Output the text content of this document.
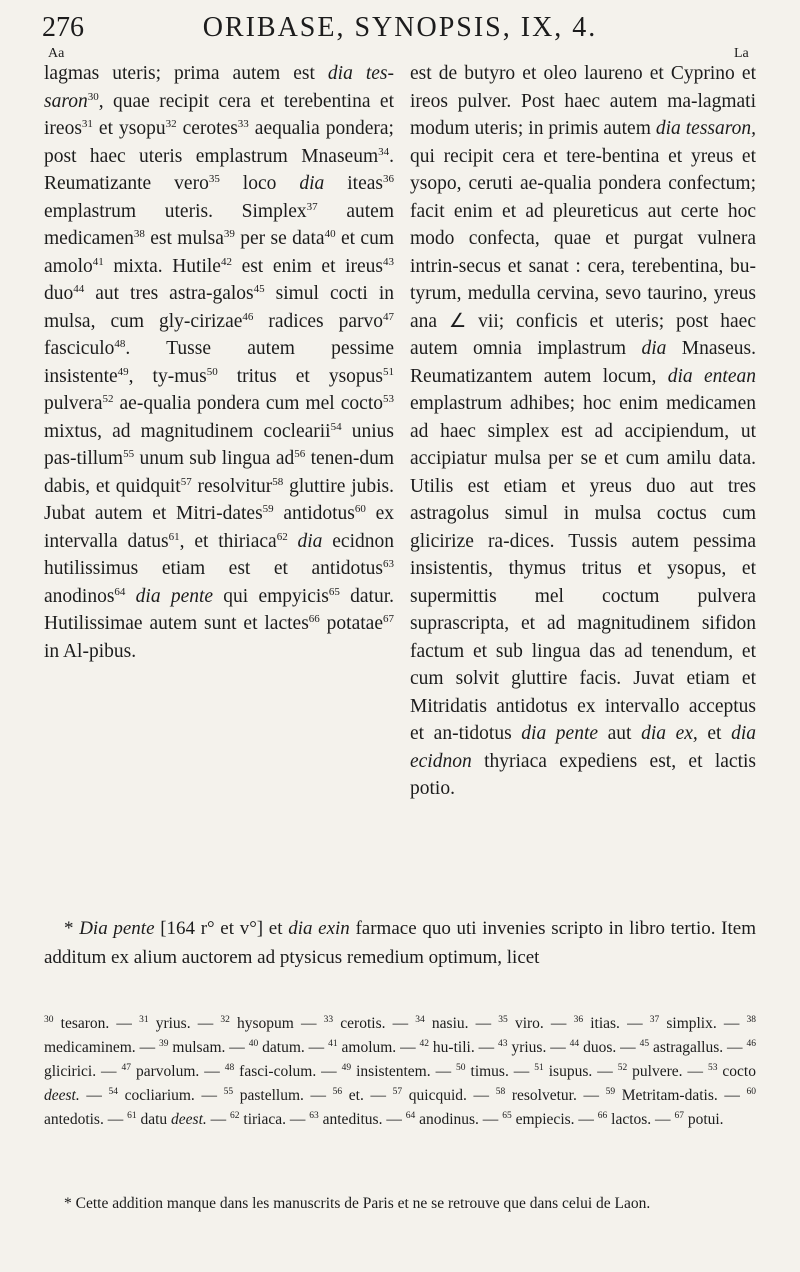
276	ORIBASE, SYNOPSIS, IX, 4.
Aa	La

lagmas uteris; prima autem est dia tes-saron$^{30}$, quae recipit cera et terebentina et ireos$^{31}$ et ysopu$^{32}$ cerotes$^{33}$ aequalia pondera; post haec uteris emplastrum Mnaseum$^{34}$. Reumatizante vero$^{35}$ loco dia iteas$^{36}$ emplastrum uteris. Simplex$^{37}$ autem medicamen$^{38}$ est mulsa$^{39}$ per se data$^{40}$ et cum amolo$^{41}$ mixta. Hutile$^{42}$ est enim et ireus$^{43}$ duo$^{44}$ aut tres astra-galos$^{45}$ simul cocti in mulsa, cum gly-cirizae$^{46}$ radices parvo$^{47}$ fasciculo$^{48}$. Tusse autem pessime insistente$^{49}$, ty-mus$^{50}$ tritus et ysopus$^{51}$ pulvera$^{52}$ ae-qualia pondera cum mel cocto$^{53}$ mixtus, ad magnitudinem coclearii$^{54}$ unius pas-tillum$^{55}$ unum sub lingua $ad^{56}$ tenen-dum dabis, et quidquit$^{57}$ resolvitur$^{58}$ gluttire jubis. Jubat autem et Mitri-dates$^{59}$ antidotus$^{60}$ ex intervalla datus$^{61}$, et thiriaca$^{62}$ dia ecidnon hutilissimus etiam est et antidotus$^{63}$ anodinos$^{64}$ dia pente qui empyicis$^{65}$ datur. Hutilissimae autem sunt et lactes$^{66}$ potatae$^{67}$ in Al-pibus.

est de butyro et oleo laureno et Cyprino et ireos pulver. Post haec autem ma-lagmati modum uteris; in primis autem dia tessaron, qui recipit cera et tere-bentina et yreus et ysopo, ceruti ae-qualia pondera confectum; facit enim et ad pleureticus aut certe hoc modo confecta, quae et purgat vulnera intrin-secus et sanat : cera, terebentina, bu-tyrum, medulla cervina, sevo taurino, yreus ana ∠ vii; conficis et uteris; post haec autem omnia implastrum dia Mnaseus. Reumatizantem autem locum, dia entean emplastrum adhibes; hoc enim medicamen ad haec simplex est ad accipiendum, ut accipiatur mulsa per se et cum amilu data. Utilis est etiam et yreus duo aut tres astragolus simul in mulsa coctus cum glicirize ra-dices. Tussis autem pessima insistentis, thymus tritus et ysopus, et supermittis mel coctum pulvera suprascripta, et ad magnitudinem sifidon factum et sub lingua das ad tenendum, et cum solvit gluttire facis. Juvat etiam et Mitridatis antidotus ex intervallo acceptus et an-tidotus dia pente aut dia ex, et dia ecidnon thyriaca expediens est, et lactis potio.

* Dia pente [164 r° et v°] et dia exin farmace quo uti invenies scripto in libro tertio. Item additum ex alium auctorem ad ptysicus remedium optimum, licet

$^{30}$ tesaron. — $^{31}$ yrius. — $^{32}$ hysopum — $^{33}$ cerotis. — $^{34}$ nasiu. — $^{35}$ viro. — $^{36}$ itias. — $^{37}$ simplix. — $^{38}$ medicaminem. — $^{39}$ mulsam. — $^{40}$ datum. — $^{41}$ amolum. — $^{42}$ hu-tili. — $^{43}$ yrius. — $^{44}$ duos. — $^{45}$ astragallus. — $^{46}$ glicirici. — $^{47}$ parvolum. — $^{48}$ fasci-colum. — $^{49}$ insistentem. — $^{50}$ timus. — $^{51}$ isupus. — $^{52}$ pulvere. — $^{53}$ cocto deest. — $^{54}$ cocliarium. — $^{55}$ pastellum. — $^{56}$ et. — $^{57}$ quicquid. — $^{58}$ resolvetur. — $^{59}$ Metritam-datis. — $^{60}$ antedotis. — $^{61}$ datu deest. — $^{62}$ tiriaca. — $^{63}$ anteditus. — $^{64}$ anodinus. — $^{65}$ empiecis. — $^{66}$ lactos. — $^{67}$ potui.

* Cette addition manque dans les manuscrits de Paris et ne se retrouve que dans celui de Laon.
